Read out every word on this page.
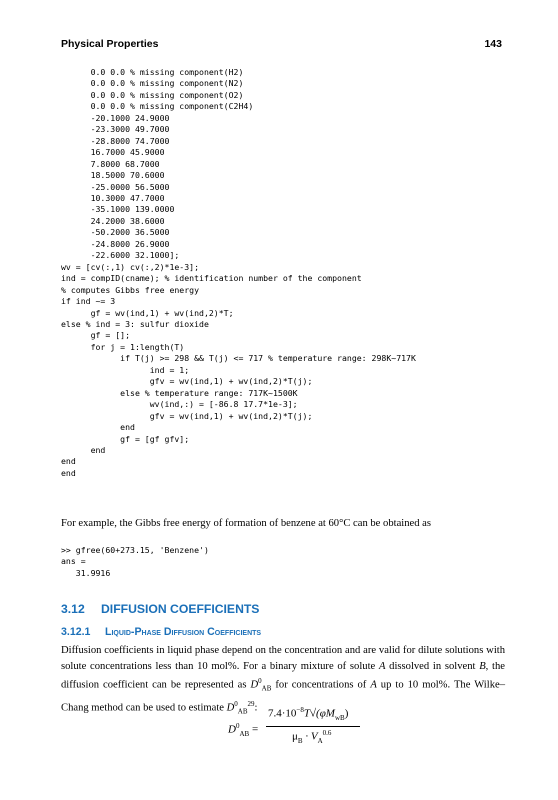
Physical Properties	143
0.0 0.0 % missing component(H2)
0.0 0.0 % missing component(N2)
0.0 0.0 % missing component(O2)
0.0 0.0 % missing component(C2H4)
-20.1000 24.9000
-23.3000 49.7000
-28.8000 74.7000
16.7000 45.9000
7.8000 68.7000
18.5000 70.6000
-25.0000 56.5000
10.3000 47.7000
-35.1000 139.0000
24.2000 38.6000
-50.2000 36.5000
-24.8000 26.9000
-22.6000 32.1000];
wv = [cv(:,1) cv(:,2)*1e-3];
ind = compID(cname); % identification number of the component
% computes Gibbs free energy
if ind ~= 3
gf = wv(ind,1) + wv(ind,2)*T;
else % ind = 3: sulfur dioxide
gf = [];
for j = 1:length(T)
if T(j) >= 298 && T(j) <= 717 % temperature range: 298K~717K
ind = 1;
gfv = wv(ind,1) + wv(ind,2)*T(j);
else % temperature range: 717K~1500K
wv(ind,:) = [-86.8 17.7*1e-3];
gfv = wv(ind,1) + wv(ind,2)*T(j);
end
gf = [gf gfv];
end
end
end
For example, the Gibbs free energy of formation of benzene at 60°C can be obtained as
>> gfree(60+273.15, 'Benzene')
ans =
31.9916
3.12 DIFFUSION COEFFICIENTS
3.12.1 Liquid-Phase Diffusion Coefficients
Diffusion coefficients in liquid phase depend on the concentration and are valid for dilute solutions with solute concentrations less than 10 mol%. For a binary mixture of solute A dissolved in solvent B, the diffusion coefficient can be represented as $D^0_{AB}$ for concentrations of A up to 10 mol%. The Wilke–Chang method can be used to estimate $D^0_{AB}^{29}$:
$D^0_{AB}$ =
$7.4\cdot 10^{-8}T√(\varphi M_{wB})$
$\mu_B \cdot V_A^{0.6}$
